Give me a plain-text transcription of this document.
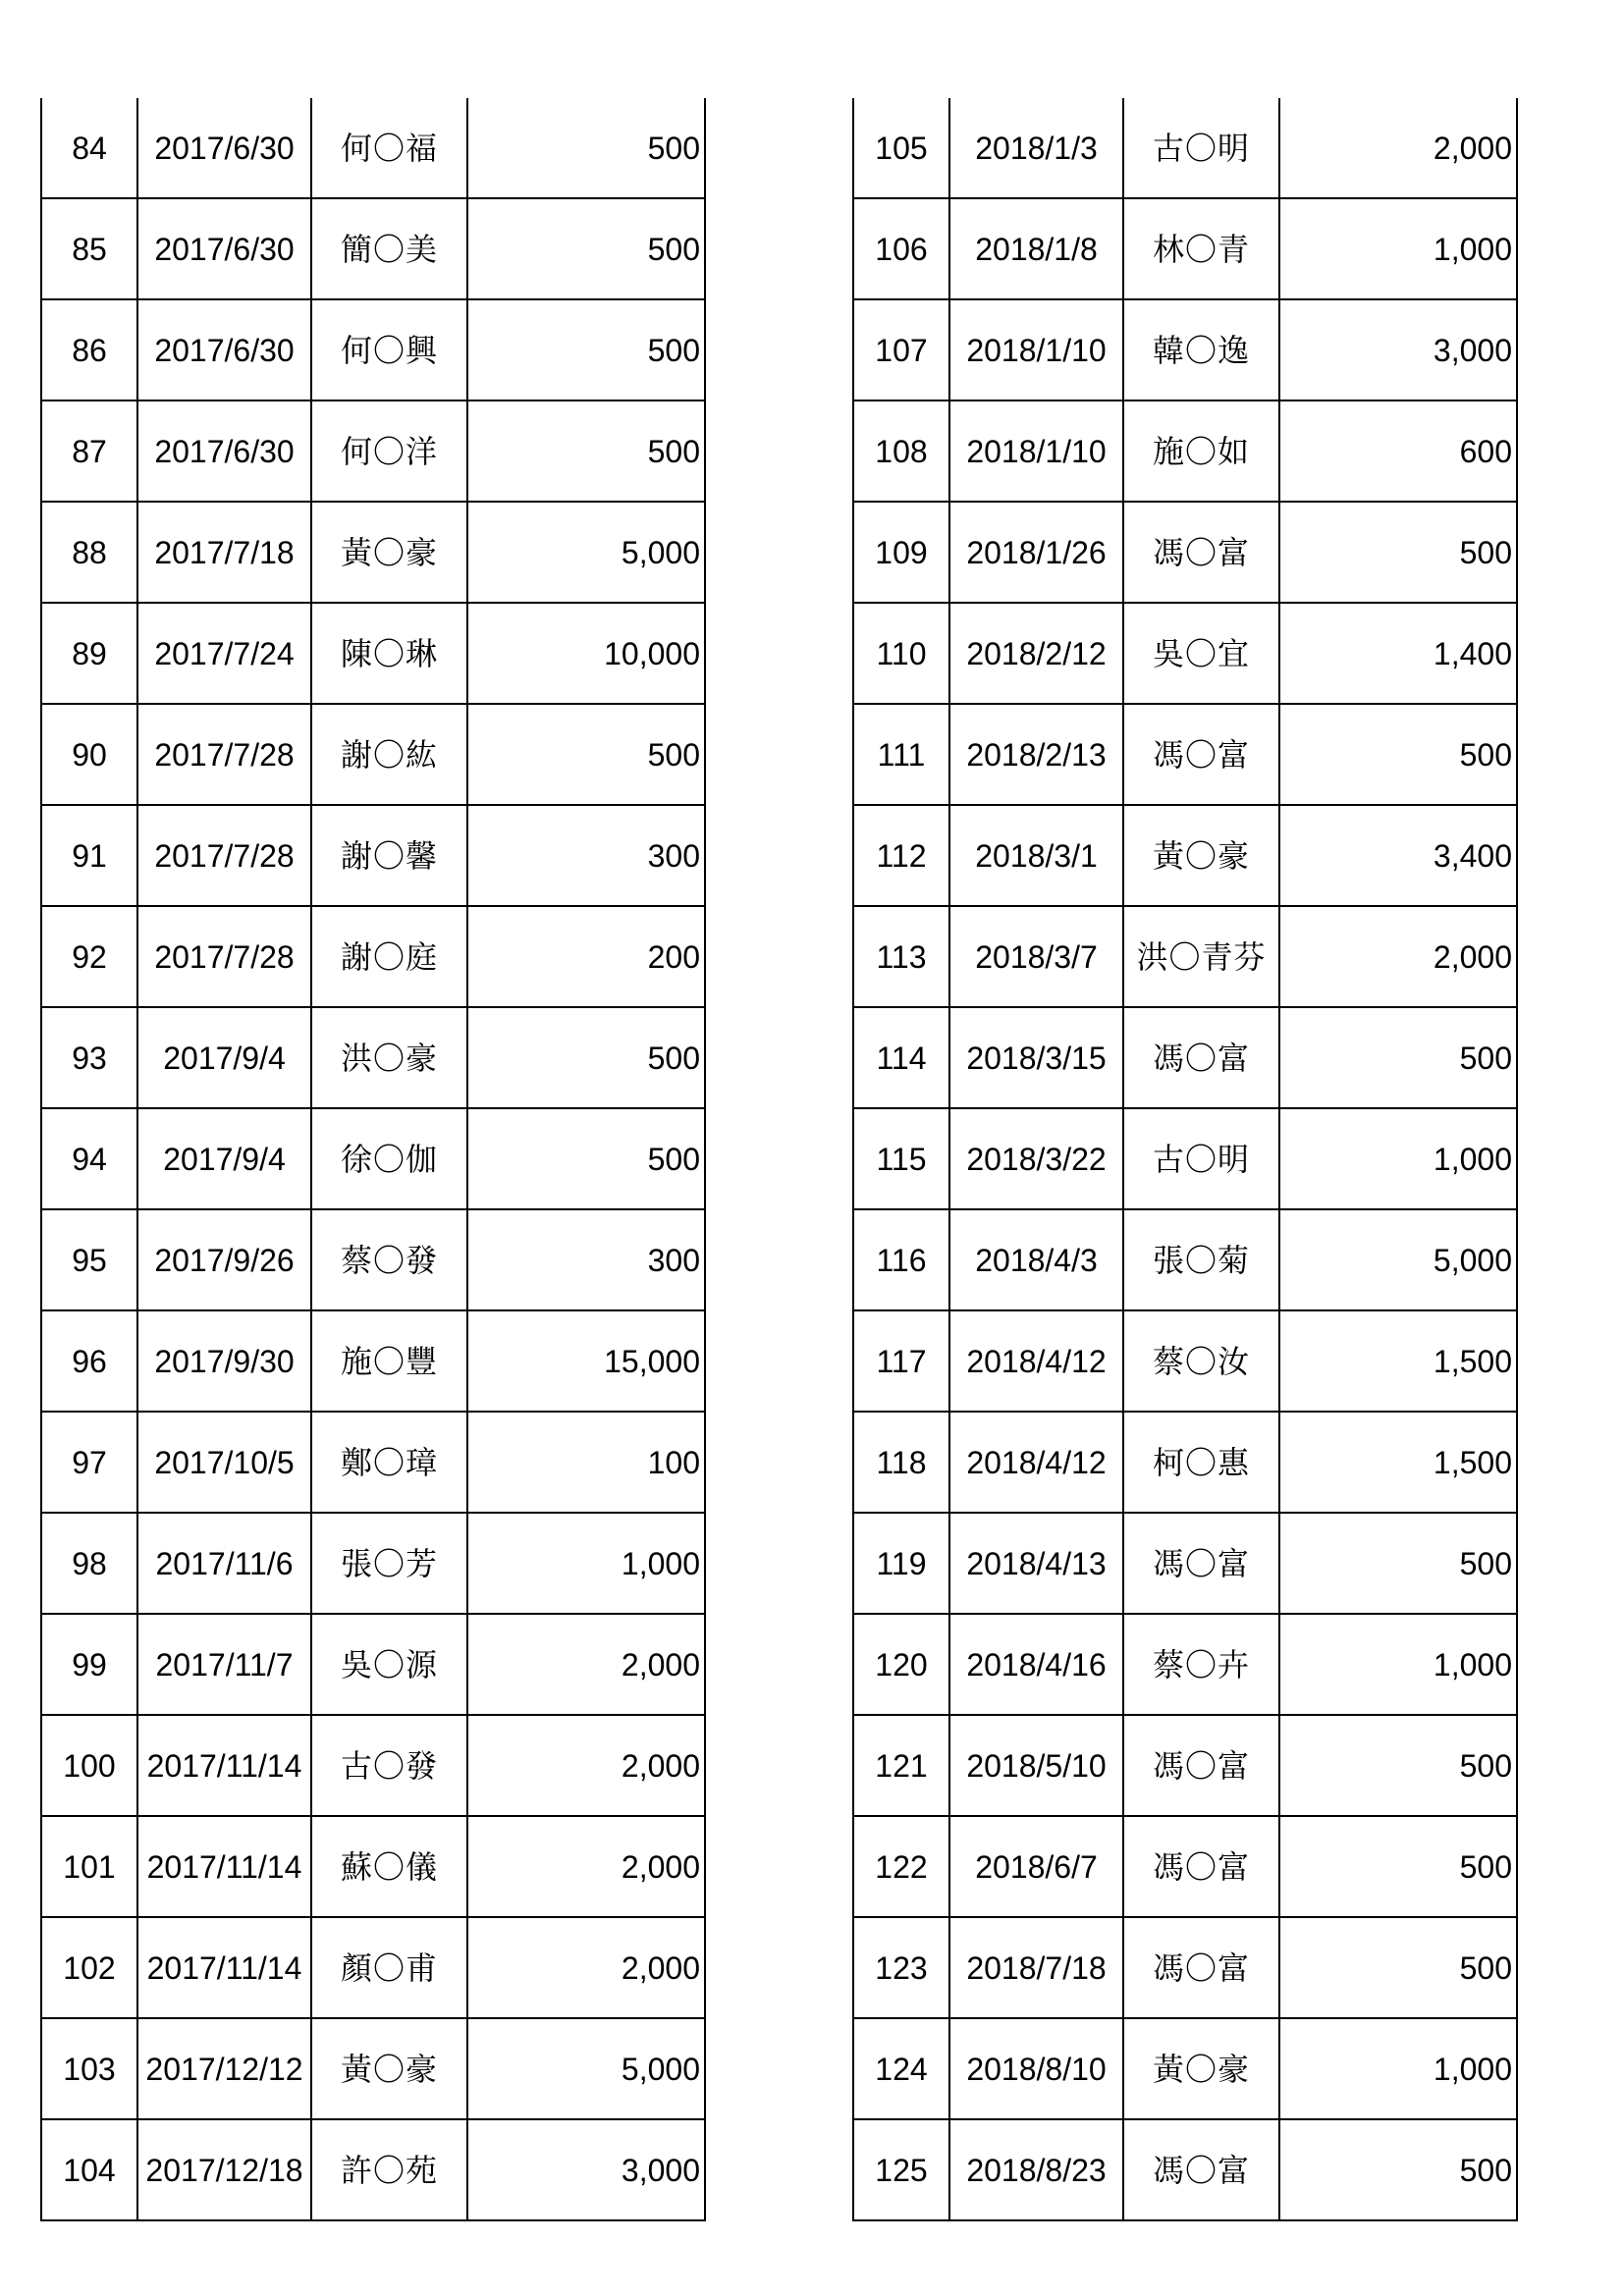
84	2017/6/30	何〇福	500
85	2017/6/30	簡〇美	500
86	2017/6/30	何〇興	500
87	2017/6/30	何〇洋	500
88	2017/7/18	黃〇豪	5,000
89	2017/7/24	陳〇琳	10,000
90	2017/7/28	謝〇紘	500
91	2017/7/28	謝〇馨	300
92	2017/7/28	謝〇庭	200
93	2017/9/4	洪〇豪	500
94	2017/9/4	徐〇伽	500
95	2017/9/26	蔡〇發	300
96	2017/9/30	施〇豐	15,000
97	2017/10/5	鄭〇璋	100
98	2017/11/6	張〇芳	1,000
99	2017/11/7	吳〇源	2,000
100	2017/11/14	古〇發	2,000
101	2017/11/14	蘇〇儀	2,000
102	2017/11/14	顏〇甫	2,000
103	2017/12/12	黃〇豪	5,000
104	2017/12/18	許〇苑	3,000
105	2018/1/3	古〇明	2,000
106	2018/1/8	林〇青	1,000
107	2018/1/10	韓〇逸	3,000
108	2018/1/10	施〇如	600
109	2018/1/26	馮〇富	500
110	2018/2/12	吳〇宜	1,400
111	2018/2/13	馮〇富	500
112	2018/3/1	黃〇豪	3,400
113	2018/3/7	洪〇青芬	2,000
114	2018/3/15	馮〇富	500
115	2018/3/22	古〇明	1,000
116	2018/4/3	張〇菊	5,000
117	2018/4/12	蔡〇汝	1,500
118	2018/4/12	柯〇惠	1,500
119	2018/4/13	馮〇富	500
120	2018/4/16	蔡〇卉	1,000
121	2018/5/10	馮〇富	500
122	2018/6/7	馮〇富	500
123	2018/7/18	馮〇富	500
124	2018/8/10	黃〇豪	1,000
125	2018/8/23	馮〇富	500
